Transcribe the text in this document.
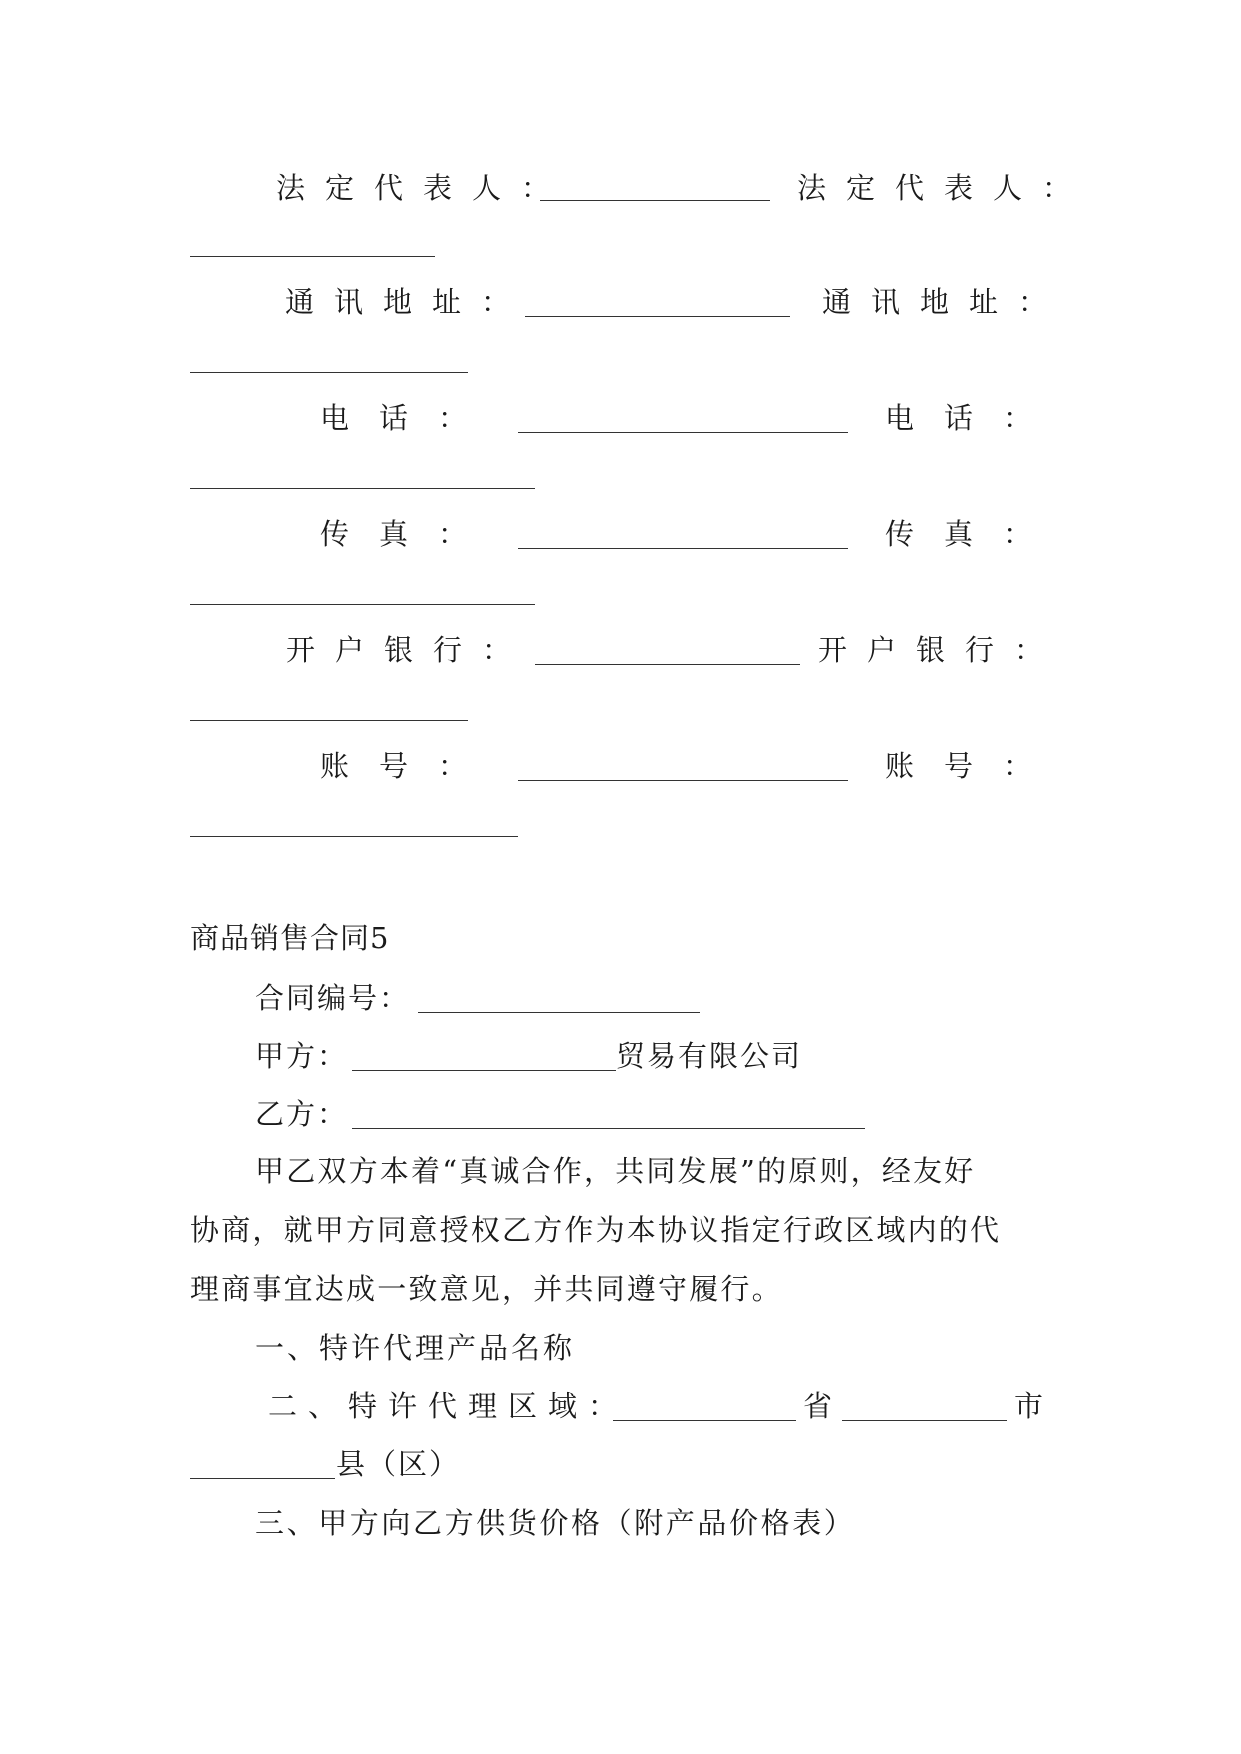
法定代表人：	法定代表人：
通讯地址：	通讯地址：
电话：	电话：
传真：	传真：
开户银行：	开户银行：
账号：	账号：
商品销售合同5
合同编号：
甲方：	贸易有限公司
乙方：
甲乙双方本着“真诚合作，共同发展”的原则，经友好
协商，就甲方同意授权乙方作为本协议指定行政区域内的代
理商事宜达成一致意见，并共同遵守履行。
一、特许代理产品名称
二、特许代理区域：	省	市
县（区）
三、甲方向乙方供货价格（附产品价格表）
